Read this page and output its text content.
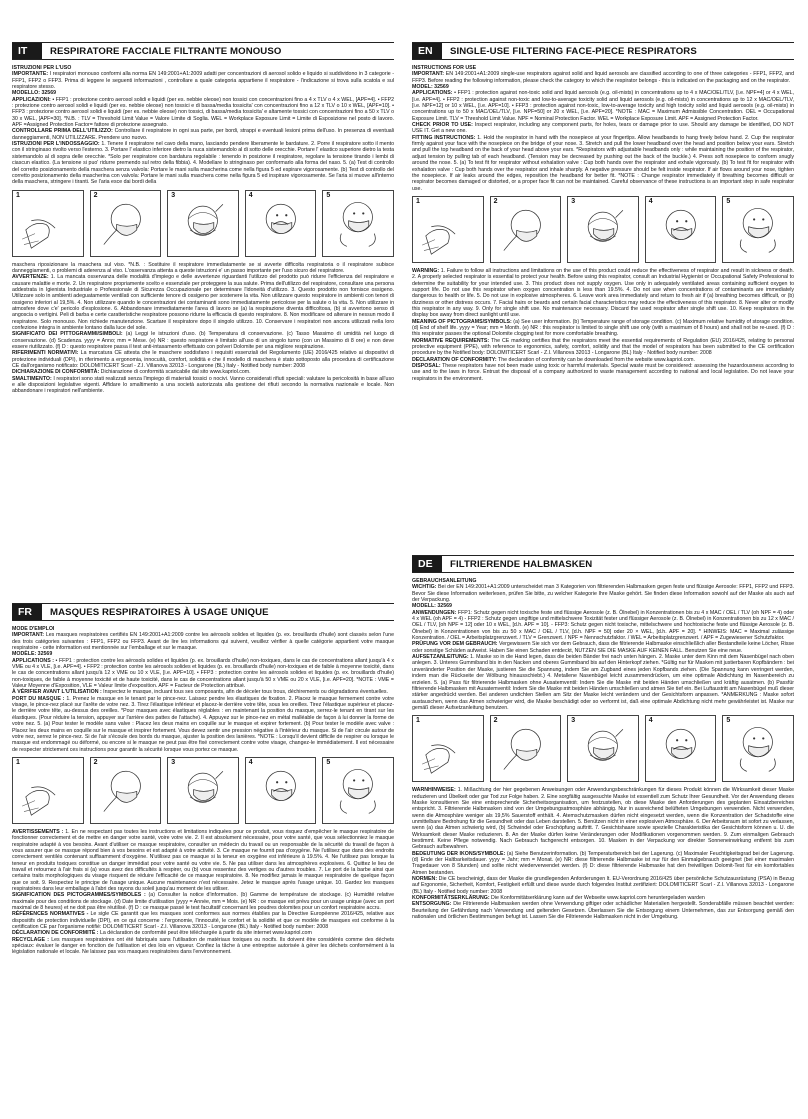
IT	RESPIRATORE FACCIALE FILTRANTE MONOUSO
ISTRUZIONI PER L'USO
IMPORTANTE: I respiratori monouso conformi alla norma EN 149:2001+A1:2009 adatti per concentrazioni di aerosol solido e liquido si suddividono in 3 categorie - FFP1, FFP2 o FFP3. Prima di leggere le seguenti informazioni , controllare a quale categoria appartiene il respiratore - l'indicazione si trova sulla scatola e sul respiratore stesso.
MODELLO: 32569
APPLICAZIONI: • FFP1 : protezione contro aerosol solidi e liquidi (per es. nebbie oleose) non tossici con concentrazioni fino a 4 x TLV o 4 x WEL, [APF=4]. • FFP2 : protezione contro aerosol solidi e liquidi (per es. nebbie oleose) non tossici e di bassa/media tossicita' con concentrazioni fino a 12 x TLV o 10 x WEL, [APF=10]. • FFP3 : protezione contro aerosol solidi e liquidi (per es. nebbie oleose) non tossici, di bassa/media tossicita' e altamente tossici con concentrazioni fino a 50 x TLV o 30 x WEL, [APF=30]. *N.B. : TLV = Threshold Limit Value = Valore Limite di Soglia. WEL = Workplace Exposure Limit = Limite di Esposizione nel posto di lavoro. APF =Assigned Protection Factor= fattore di protezione assegnato.
CONTROLLARE PRIMA DELL'UTILIZZO: Controllare il respiratore in ogni sua parte, per bordi, strappi e eventuali lesioni prima dell'uso. In presenza di eventuali danneggiamenti, NON UTILIZZARE. Prendere uno nuovo.
ISTRUZIONI PER L'INDOSSAGGIO: 1. Tenere il respiratore nel cavo della mano, lasciando pendere liberamente le bardature. 2. Porre il respiratore sotto il mento con il stringinaso rivolto verso l'esterno. 3. Portare l' elastico inferiore dietro la nuca sistemandolo al di sotto delle orecchie. Portare l' elastico superiore dietro la testa sistemandolo al di sopra delle orecchie. *Solo per respiratore con bardatura regolabile : tenendo in posizione il respiratore, regolare la tensione tirando i lembi di ciascun elastico. (La tensione si puo' ridurre premendo sul retro della fibbia). 4. Modellare lo stringinaso per conformarlo alla forma del naso. 5. (a) Test di controllo del corretto posizionamento della maschera senza valvola: Portare le mani sulla mascherina come nella figura 5 ed espirare vigorosamente. (b) Test di controllo del corretto posizionamento della mascherina con valvola: Portare le mani sulla maschera come nella figura 5 ed inspirare vigorosamente. Se l'aria si muove all'interno della maschera, stringere i tiranti. Se l'aria esce dai bordi della
1	2	3	4	5
maschera riposizionare la maschera sul viso. *N.B. : Sostituire il respiratore immediatamente se si avverte difficolta respiratoria o il respiratore subisce danneggiamenti, o problemi di aderenza al viso. L'osservanza attenta a queste istruzioni e' un passo importante per l'uso sicuro del respiratore.
AVVERTENZE: 1. La mancata osservanza delle modalità d'impiego e delle avvertenze riguardanti l'utilizzo del prodotto può ridurre l'efficienza del respiratore e causare malattie e morte. 2. Un respiratore propriamente scelto e essenziale per proteggere la sua salute. Prima dell'utilizzo del respiratore, consultare una persona addestrata in Igienista Industriale o Professionale di Sicurezza Occupazionale per determinare l'idoneità d'utilizzo. 3. Questo prodotto non fornisce ossigeno. Utilizzare solo in ambienti adeguatamente ventilati con sufficiente tenore di ossigeno per sostenere la vita. Non utilizzare questo respiratore in ambienti con tenori di ossigeno inferiori al 19,5%. 4. Non utilizzare quando le concentrazioni dei contaminanti sono immediatamente pericolose per la salute o la vita. 5. Non utilizzare in atmosfere dove c'e' pericolo d'esplosione. 6. Abbandonare immediatamente l'area di lavoro se (a) la respirazione diventa difficoltosa, (b) si avvertono senso di angoscia o vertigini. Peli di barba e certe caratteristiche respiratore possono ridurre la efficacia di questo respiratore. 8. Non modificare od alterare in nessun modo il respiratore. Solo monouso. Non richiede manutenzione. Scartare il respiratore dopo il singolo utilizzo. 10. Conservare i respiratori non ancora utilizzati nella loro confezione integra in ambiente lontano dalla luce del sole.
SIGNIFICATO DEI PITTOGRAMMI/SIMBOLI: (a) Leggi le istruzioni d'uso. (b) Temperatura di conservazione. (c) Tasso Massimo di umidità nel luogo di conservazione. (d) Scadenza. yyyy = Anno; mm = Mese. (e) NR : questo respiratore è limitato all'uso di un singolo turno (con un Massimo di 8 ore) e non deve essere riutilizzato. (f) D : questo respiratore passa il test anti-intasamento effettuato con polveri Dolomite per una migliore respirazione.
RIFERIMENTI NORMATIVI: La marcatura CE attesta che le maschere soddisfano i requisiti essenziali del Regolamento (UE) 2016/425 relativo ai dispositivi di protezione individuali (DPI), in riferimento a ergonomia, innocuità, comfort, solidità e che il modello di maschera è stato sottoposto alla procedura di certificazione CE dall'organismo notificato: DOLOMITICERT Scarl - Z.I. Villanova 32013 - Longarone (BL) Italy - Notified body number: 2008
DICHIARAZIONE DI CONFORMITÀ: Dichiarazione di conformità scaricabile dal sito www.kapriol.com.
SMALTIMENTO: I respiratori sono stati realizzati senza l'impiego di materiali tossici o nocivi. Vanno considerati rifiuti speciali: valutare la pericolosità in base all'uso e alle disposizioni legislative vigenti. Affidare lo smaltimento a una società autorizzata alla gestione dei rifiuti secondo la normativa nazionale e locale. Non abbandonare i respiratori nell'ambiente.
FR	MASQUES RESPIRATOIRES À USAGE UNIQUE
MODE D'EMPLOI
IMPORTANT: Les masques respiratoires certifiés EN 149:2001+A1:2009 contre les aérosols solides et liquides (p. ex. brouillards d'huile) sont classés selon l'une des trois catégories suivantes : FFP1, FFP2 ou FFP3. Avant de lire les informations qui suivent, veuillez vérifier à quelle catégorie appartient votre masque respiratoire - cette information est mentionnée sur l'emballage et sur le masque.
MODÈLE: 32569
APPLICATIONS : • FFP1 : protection contre les aérosols solides et liquides (p. ex. brouillards d'huile) non-toxiques, dans le cas de concentrations allant jusqu'à 4 x VME ou 4 x VLE, [i.e. APF=4]. • FFP2 : protection contre les aérosols solides et liquides (p. ex. brouillards d'huile) non-toxiques et de faible à moyenne toxicité, dans le cas de concentrations allant jusqu'à 12 x VME ou 10 x VLE, [i.e. APF=10]. • FFP3 : protection contre les aérosols solides et liquides (p. ex. brouillards d'huile) non-toxiques, de faible à moyenne toxicité et de haute toxicité, dans le cas de concentrations allant jusqu'à 50 x VME ou 20 x VLE, [i.e. APF=20]. *NOTE : VME = Valeur Moyenne d'Exposition, VLE = Valeur limite d'exposition. APF = Facteur de Protection attribué.
À VÉRIFIER AVANT L'UTILISATION : Inspectez le masque, incluant tous ses composants, afin de déceler tous trous, déchirements ou dégradations éventuelles.
PORT DU MASQUE : 1. Prenez le masque en le tenant par le pince-nez. Laissez pendre les élastiques de fixation. 2. Placez le masque fermement contre votre visage, le pince-nez placé sur l'arête de votre nez. 3. Tirez l'élastique inférieur et placez-le derrière votre tête, sous les oreilles. Tirez l'élastique supérieur et placez-le derrière votre tête, au-dessus des oreilles. *Pour masques avec élastiques réglables : en maintenant la position du masque, serrez-le tenant en tirant sur les élastiques. (Pour réduire la tension, appuyer sur l'arrière des pattes de l'attache). 4. Appuyez sur le pince-nez en métal malléable de façon à lui donner la forme de votre nez. 5. (a) Pour tester le modèle sans valve : Placez les deux mains en coquille sur le masque et expirer fortement. (b) Pour tester le modèle avec valve : Placez les deux mains en coquille sur le masque et inspirer fortement. Vous devez sentir une pression négative à l'intérieur du masque. Si de l'air circule autour de votre nez, serrez le pince-nez. Si de l'air s'écoule des bords du masque, ajuster la position des lanières. *NOTE : Lorsqu'il devient difficile de respirer ou lorsque le masque est endommagé ou déformé, ou encore si le masque ne peut pas être fixé correctement contre votre visage, changez-le immédiatement. Il est nécessaire de respecter strictement ces instructions pour garantir la sécurité lorsque vous portez ce masque.
1	2	3	4	5
AVERTISSEMENTS : 1. En ne respectant pas toutes les instructions et limitations indiquées pour ce produit, vous risquez d'empêcher le masque respiratoire de fonctionner correctement et de mettre en danger votre santé, voire votre vie. 2. Il est absolument nécessaire, pour votre santé, que vous sélectionniez le masque respiratoire adapté à vos besoins. Avant d'utiliser ce masque respiratoire, consulter un médecin du travail ou un responsable de la sécurité du travail de façon à vous assurer que ce masque répond bien à vos besoins et est adapté à votre activité. 3. Ce masque ne fournit pas d'oxygène. Ne l'utilisez que dans des endroits correctement ventilés contenant suffisamment d'oxygène. N'utilisez pas ce masque si la teneur en oxygène est inférieure à 19.5%. 4. Ne l'utilisez pas lorsque la teneur en produits toxiques constitue un danger immédiat pour votre santé ou votre vie. 5. Ne pas utiliser dans les atmosphères explosives. 6. Quittez le lieu de travail et retournez à l'air frais si (a) vous avez des difficultés à respirer, ou (b) vous ressentez des vertiges ou d'autres troubles. 7. Le port de la barbe ainsi que certains traits morphologiques du visage risquent de réduire l'efficacité de ce masque respiratoire. 8. Ne modifiez jamais le masque respiratoire de quelque façon que ce soit. 9. Respectez le principe de l'usage unique. Aucune maintenance n'est nécessaire. Jetez le masque après l'usage unique. 10. Gardez les masques respiratoires dans leur emballage à l'abri des rayons du soleil jusqu'au moment de les utiliser.
SIGNIFICATION DES PICTOGRAMMES/SYMBOLES : (a) Consulter la notice d'information. (b) Gamme de température de stockage. (c) Humidité relative maximale pour des conditions de stockage. (d) Date limite d'utilisation (yyyy = Année, mm = Mois. (e) NR : ce masque est prévu pour un usage unique (avec un port maximal de 8 heures) et ne doit pas être réutilisé. (f) D : ce masque passé le test facultatif concernant les poudres dolomites pour un confort respiratoire accru.
RÉFÉRENCES NORMATIVES - Le sigle CE garantit que les masques sont conformes aux normes établies par la Directive Européenne 2016/425, relative aux dispositifs de protection individuelle (DPI), en ce qui concerne : l'ergonomie, l'innocuité, le confort et la solidité et que ce modèle de masques est conforme à la certification CE par l'organisme notifié: DOLOMITICERT Scarl - Z.I. Villanova 32013 - Longarone (BL) Italy - Notified body number: 2008
DÉCLARATION DE CONFORMITÉ : La déclaration de conformité peut être téléchargée à partir du site internet www.kapriol.com
RECYCLAGE : Les masques respiratoires ont été fabriqués sans l'utilisation de matériaux toxiques ou nocifs. Ils doivent être considérés comme des déchets spéciaux: évaluer le danger en fonction de l'utilisation et des lois en vigueur. Confiez la tâche à une entreprise autorisée à gérer les déchets conformément à la législation nationale et locale. Ne laissez pas vos masques respiratoires dans l'environnement.
EN	SINGLE-USE FILTERING FACE-PIECE RESPIRATORS
INSTRUCTIONS FOR USE
IMPORTANT: EN 149:2001+A1:2009 single-use respirators against solid and liquid aerosols are classified according to one of three categories - FFP1, FFP2, and FFP3. Before reading the following information, please check the category to which the respirator belongs - this is indicated on the packaging and on the respirator.
MODEL: 32569
APPLICATIONS: • FFP1 : protection against non-toxic solid and liquid aerosols (e.g. oil-mists) in concentrations up to 4 x MAC/OEL/TLV, [i.e. NPF=4] or 4 x WEL, [i.e. APF=4]. • FFP2 : protection against non-toxic and low-to-average toxicity solid and liquid aerosols (e.g. oil-mists) in concentrations up to 12 x MAC/OEL/TLV, [i.e. NPF=12] or 10 x WEL, [i.e. APF=10]. • FFP3 : protection against non-toxic, low-to-average toxicity and high toxicity solid and liquid aerosols (e.g. oil-mists) in concentrations up to 50 x MAC/OEL/TLV, [i.e. NPF=50] or 20 x WEL, [i.e. APF=20]. *NOTE : MAC = Maximum Admissible Concentration. OEL = Occupational Exposure Limit. TLV = Threshold Limit Value. NPF = Nominal Protection Factor. WEL = Workplace Exposure Limit. APF = Assigned Protection Factor.
CHECK PRIOR TO USE: Inspect respirator, including any component parts, for holes, tears or damage prior to use. Should any damage be identified, DO NOT USE IT. Get a new one.
FITTING INSTRUCTIONS: 1. Hold the respirator in hand with the nosepiece at your fingertips. Allow headbands to hang freely below hand. 2. Cup the respirator firmly against your face with the nosepiece on the bridge of your nose. 3. Stretch and pull the lower headband over the head and position below your ears. Stretch and pull the top headband on the back of your head above your ears. *Respirators with adjustable headbands only : while maintaining the position of the respirator, adjust tension by pulling tab of each headband. (Tension may be decreased by pushing out the back of the buckle.) 4. Press soft nosepiece to conform snugly around the nose. 5. (a) To test fit for respirator without exhalation valve : Cup both hands over the respirator and exhale vigorously. (b) To test fit for respirator with exhalation valve : Cup both hands over the respirator and inhale sharply. A negative pressure should be felt inside respirator. If air flows around your nose, tighten the nosepiece. If air leaks around the edges, reposition the headband for better fit. *NOTE : Change respirator immediately if breathing becomes difficult or respirator becomes damaged or distorted, or a proper face fit can not be maintained. Careful observance of these instructions is an important step in safe respirator use.
1	2	3	4	5
WARNING: 1. Failure to follow all instructions and limitations on the use of this product could reduce the effectiveness of respirator and result in sickness or death. 2. A properly selected respirator is essential to protect your health. Before using this respirator, consult an Industrial Hygienist or Occupational Safety Professional to determine the suitability for your intended use. 3. This product does not supply oxygen. Use only in adequately ventilated areas containing sufficient oxygen to support life. Do not use this respirator when oxygen concentration is less than 19.5%. 4. Do not use when concentrations of contaminants are immediately dangerous to health or life. 5. Do not use in explosive atmospheres. 6. Leave work area immediately and return to fresh air if (a) breathing becomes difficult, or (b) dizziness or other distress occurs. 7. Facial hairs or beards and certain facial characteristics may reduce the effectiveness of this respirator. 8. Never alter or modify this respirator in any way. 9. Only for single shift use. No maintenance necessary. Discard the used respirator after single shift use. 10. Keep respirators in the display box away from direct sunlight until use.
MEANING OF PICTOGRAMS/SYMBOLS: (a) See user information. (b) Temperature range of storage condition. (c) Maximum relative humidity of storage condition. (d) End of shelf life. yyyy = Year; mm = Month. (e) NR : this respirator is limited to single shift use only (with a maximum of 8 hours) and shall not be re-used. (f) D : this respirator passes the optional Dolomite clogging test for more comfortable breathing.
NORMATIVE REQUIREMENTS: The CE marking certifies that the respirators meet the essential requirements of Regulation (EU) 2016/425, relating to personal protective equipment (PPE), with reference to ergonomics, safety, comfort, solidity and that the model of respirators has been submitted to the CE certification procedure by the Notified body: DOLOMITICERT Scarl - Z.I. Villanova 32013 - Longarone (BL) Italy - Notified body number: 2008
DECLARATION OF CONFORMITY: The declaration of conformity can be downloaded from the website www.kapriol.com.
DISPOSAL: These respirators have not been made using toxic or harmful materials. Special waste must be considered: assessing the hazardousness according to use and to the laws in force. Entrust the disposal of a company authorized to waste management according to national and local legislation. Do not leave your respirators in the environment.
DE	FILTRIERENDE HALBMASKEN
GEBRAUCHSANLEITUNG
WICHTIG: Bei der EN 149:2001+A1:2009 unterscheidet man 3 Kategorien von filtrierenden Halbmasken gegen feste und flüssige Aerosole: FFP1, FFP2 und FFP3. Bevor Sie diese Information weiterlesen, prüfen Sie bitte, zu welcher Kategorie Ihre Maske gehört. Sie finden diese Information sowohl auf der Maske als auch auf der Verpackung.
MODELL: 32569
ANWENDUNGEN: FFP1: Schutz gegen nicht toxische feste und flüssige Aerosole (z. B. Ölnebel) in Konzentrationen bis zu 4 x MAC / OEL / TLV (oh NPF = 4) oder 4 x WEL (oh APF = 4) - FFP2 : Schutz gegen ungiftige und mittelschwere Toxizität fester und flüssiger Aerosole (z. B. Ölnebel) in Konzentrationen bis zu 12 x MAC / OEL / TLV, [oh NPF = 12] oder 10 x WEL, [d.h. APF = 10]. - FFP3: Schutz gegen nicht toxische, mittelschwere und hochtoxische feste und flüssige Aerosole (z. B. Ölnebel) in Konzentrationen von bis zu 50 x MAC / OEL / TLV, [d.h. NPF = 50] oder 20 × WEL, [d.h. APF = 20]. * HINWEIS: MAC = Maximal zulässige Konzentration. / OEL = Arbeitsplatzgrenzwert. / TLV = Grenzwert. / NPF = Nennschutzfaktor. / WEL = Arbeitsplatzgrenzwert. / APF = Zugewiesener Schutzfaktor.
PRÜFUNG VOR DEM GEBRAUCH: Vergewissern Sie sich vor dem Gebrauch, dass die filtrierende Halbmaske einschließlich aller Bestandteile keine Löcher, Risse oder sonstige Schäden aufweist. Haben Sie einen Schaden entdeckt, NUTZEN SIE DIE MASKE AUF KEINEN FALL. Benutzen Sie eine neue.
AUFSETZANLEITUNG: 1. Maske so in die Hand legen, dass die beiden Bänder frei nach unten hängen. 2. Maske unter dem Kinn mit dem Nasenbügel nach oben anlegen. 3. Unteres Gummiband bis in den Nacken und oberes Gummiband bis auf den Hinterkopf ziehen. *Gültig nur für Masken mit justierbaren Kopfbändern : bei unveränderter Position der Maske, justieren Sie die Spannung, indem Sie am Zugband eines jeden Kopfbands ziehen. (Die Spannung kann verringert werden, indem man die Rückseite der Wölbung hinausschiebt.) 4. Metallene Nasenbügel leicht zusammendrücken, um eine optimale Abdichtung im Nasenbereich zu erzielen. 5. (a) Pass für filtrierende Halbmasken ohne Ausatemventil: Indem Sie die Maske mit beiden Händen umschließen und kräftig ausatmen. (b) Passfür filtrierende Halbmasken mit Ausatemventil: Indem Sie die Maske mit beiden Händen umschließen und atmen Sie tief ein. Bei Luftaustritt am Nasenbügel muß dieser stärker angedrückt werden. Bei anderen undichten Stellen am Sitz der Maske leicht verändern und der Gesichtsform anpassen. *ANMERKUNG : Maske sofort austauschen, wenn das Atmen schwieriger wird, die Maske beschädigt oder so verformt ist, daß eine optimale Abdichtung nicht mehr gewährleistet ist. Maske nur gemäß dieser Aufsetzanleitung benutzen.
1	2	3	4	5
WARNHINWEISE: 1. Mißachtung der hier gegebenen Anweisungen oder Anwendungsbeschränkungen für dieses Produkt können die Wirksamkeit dieser Maske reduzieren und Übelkeit oder gar Tod zur Folge haben. 2. Eine sorgfältig ausgesuchte Maske ist essentiell zum Schutz Ihrer Gesundheit. Vor der Anwendung dieses Maske konsultieren Sie eine entsprechende Sicherheitsorganisation, um festzustellen, ob diese Maske den Anforderungen des geplanten Einsatzbereiches entspricht. 3. Filtrierende Halbmasken sind von der Umgebungsatmosphäre abhängig. Nur in ausreichend belüfteten Umgebungen verwenden. Nicht verwenden, wenn die Atmosphäre weniger als 19,5% Sauerstoff enthält. 4. Atemschutzmasken dürfen nicht eingesetzt werden, wenn die Konzentration der Schadstoffe eine unmittelbare Bedrohung für die Gesundheit oder das Leben darstellen. 5. Benützen nicht in einer explosiven Atmosphäre. 6. Der Arbeitsraum ist sofort zu verlassen, wenn (a) das Atmen schwierig wird, (b) Schwindel oder Erschöpfung auftritt. 7. Gesichtshaare sowie spezielle Charakteristika der Gesichtsform können u. U. die Wirksamkeit dieser Maske reduzieren. 8. An der Maske dürfen keine Veränderungen oder Modifikationen vorgenommen werden. 9. Zum einmaligen Gebrauch bestimmt. Keine Pflege notwendig. Nach Gebrauch fachgerecht entsorgen. 10. Masken in der Verpackung vor direkter Sonneneinwirkung entfernt bis zum Gebrauch aufbewahren.
BEDEUTUNG DER IKONS/SYMBOLE: (a) Siehe Benutzerinformation. (b) Temperaturbereich bei der Lagerung. (c) Maximaler Feuchtigkeitsgrad bei der Lagerung. (d) Ende der Haltbarkeitsdauer. yyyy = Jahr; mm = Monat. (e) NR: diese filtrierende Halbmaske ist nur für den Einmalgebrauch geeignet (bei einer maximalen Tragedauer von 8 Stunden) und sollte nicht wiederverwendet werden. (f) D: diese filtrierende Halbmaske hat den freiwilligen Dolomit-Test für ein komfortables Atmen bestanden.
NORMEN: Die CE bescheinigt, dass der Maske die grundlegenden Anforderungen lt. EU-Verordnung 2016/425 über persönliche Schutzausrüstung (PSA) in Bezug auf Ergonomie, Sicherheit, Komfort, Festigkeit erfüllt und diese wurde durch folgendes Institut zertifiziert: DOLOMITICERT Scarl - Z.I. Villanova 32013 - Longarone (BL) Italy - Notified body number: 2008
KONFORMITÄTSERKLÄRUNG: Die Konformitätserklärung kann auf der Webseite www.kapriol.com heruntergeladen warden
ENTSORGUNG: Die Filtrierende Halbmasken werden ohne Verwendung giftiger oder schädlicher Materialien hergestellt. Sonderabfälle müssen beachtet werden: Beurteilung der Gefährdung nach Verwendung und geltenden Gesetzen. Überlassen Sie die Entsorgung einem Unternehmen, das zur Entsorgung gemäß den nationalen und örtlichen Bestimmungen befugt ist. Lassen Sie die Filtrierende Halbmasken nicht in der Umgebung.
